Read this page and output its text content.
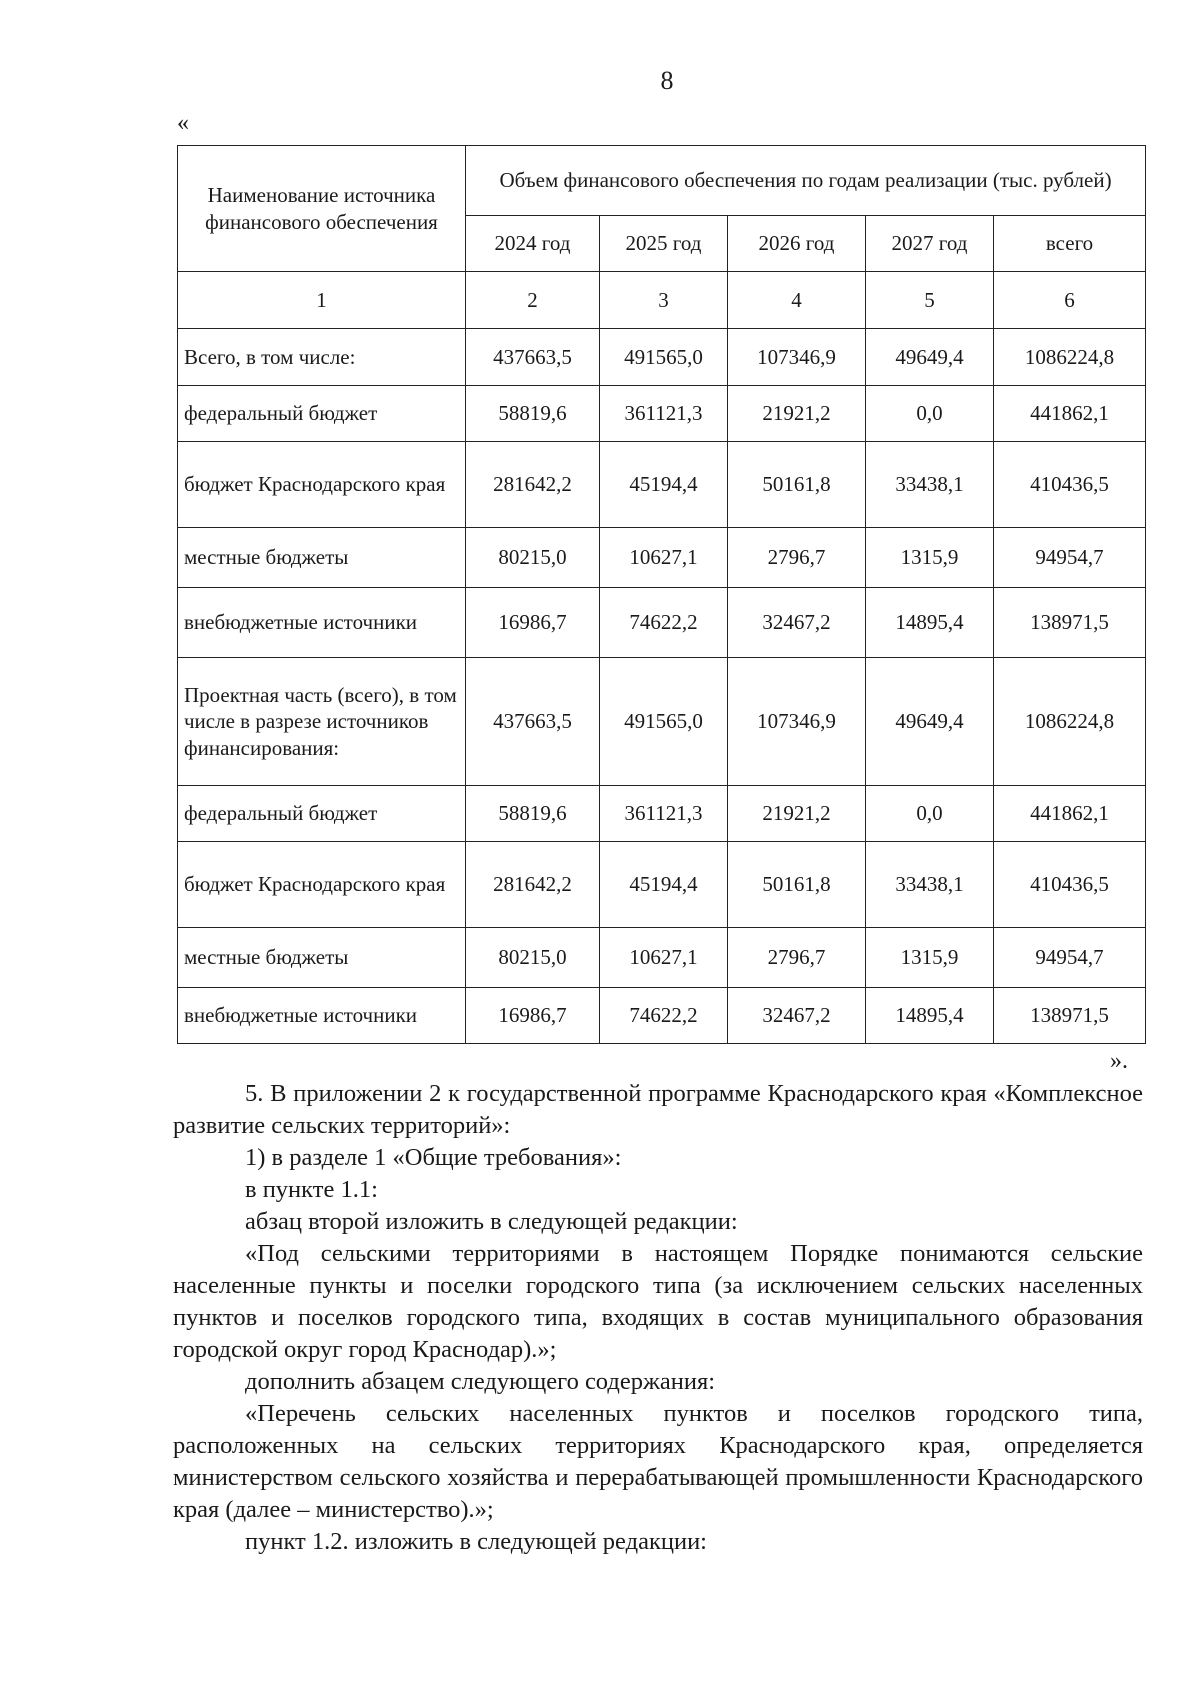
8
«
Наименование источника финансового обеспечения	Объем финансового обеспечения по годам реализации (тыс. рублей)				
	2024 год	2025 год	2026 год	2027 год	всего
1	2	3	4	5	6
Всего, в том числе:	437663,5	491565,0	107346,9	49649,4	1086224,8
федеральный бюджет	58819,6	361121,3	21921,2	0,0	441862,1
бюджет Краснодарского края	281642,2	45194,4	50161,8	33438,1	410436,5
местные бюджеты	80215,0	10627,1	2796,7	1315,9	94954,7
внебюджетные источники	16986,7	74622,2	32467,2	14895,4	138971,5
Проектная часть (всего), в том числе в разрезе источников финансирования:	437663,5	491565,0	107346,9	49649,4	1086224,8
федеральный бюджет	58819,6	361121,3	21921,2	0,0	441862,1
бюджет Краснодарского края	281642,2	45194,4	50161,8	33438,1	410436,5
местные бюджеты	80215,0	10627,1	2796,7	1315,9	94954,7
внебюджетные источники	16986,7	74622,2	32467,2	14895,4	138971,5
».

5. В приложении 2 к государственной программе Краснодарского края «Комплексное развитие сельских территорий»:

1) в разделе 1 «Общие требования»:

в пункте 1.1:

абзац второй изложить в следующей редакции:

«Под сельскими территориями в настоящем Порядке понимаются сельские населенные пункты и поселки городского типа (за исключением сельских населенных пунктов и поселков городского типа, входящих в состав муниципального образования городской округ город Краснодар).»;

дополнить абзацем следующего содержания:

«Перечень сельских населенных пунктов и поселков городского типа, расположенных на сельских территориях Краснодарского края, определяется министерством сельского хозяйства и перерабатывающей промышленности Краснодарского края (далее – министерство).»;

пункт 1.2. изложить в следующей редакции:
